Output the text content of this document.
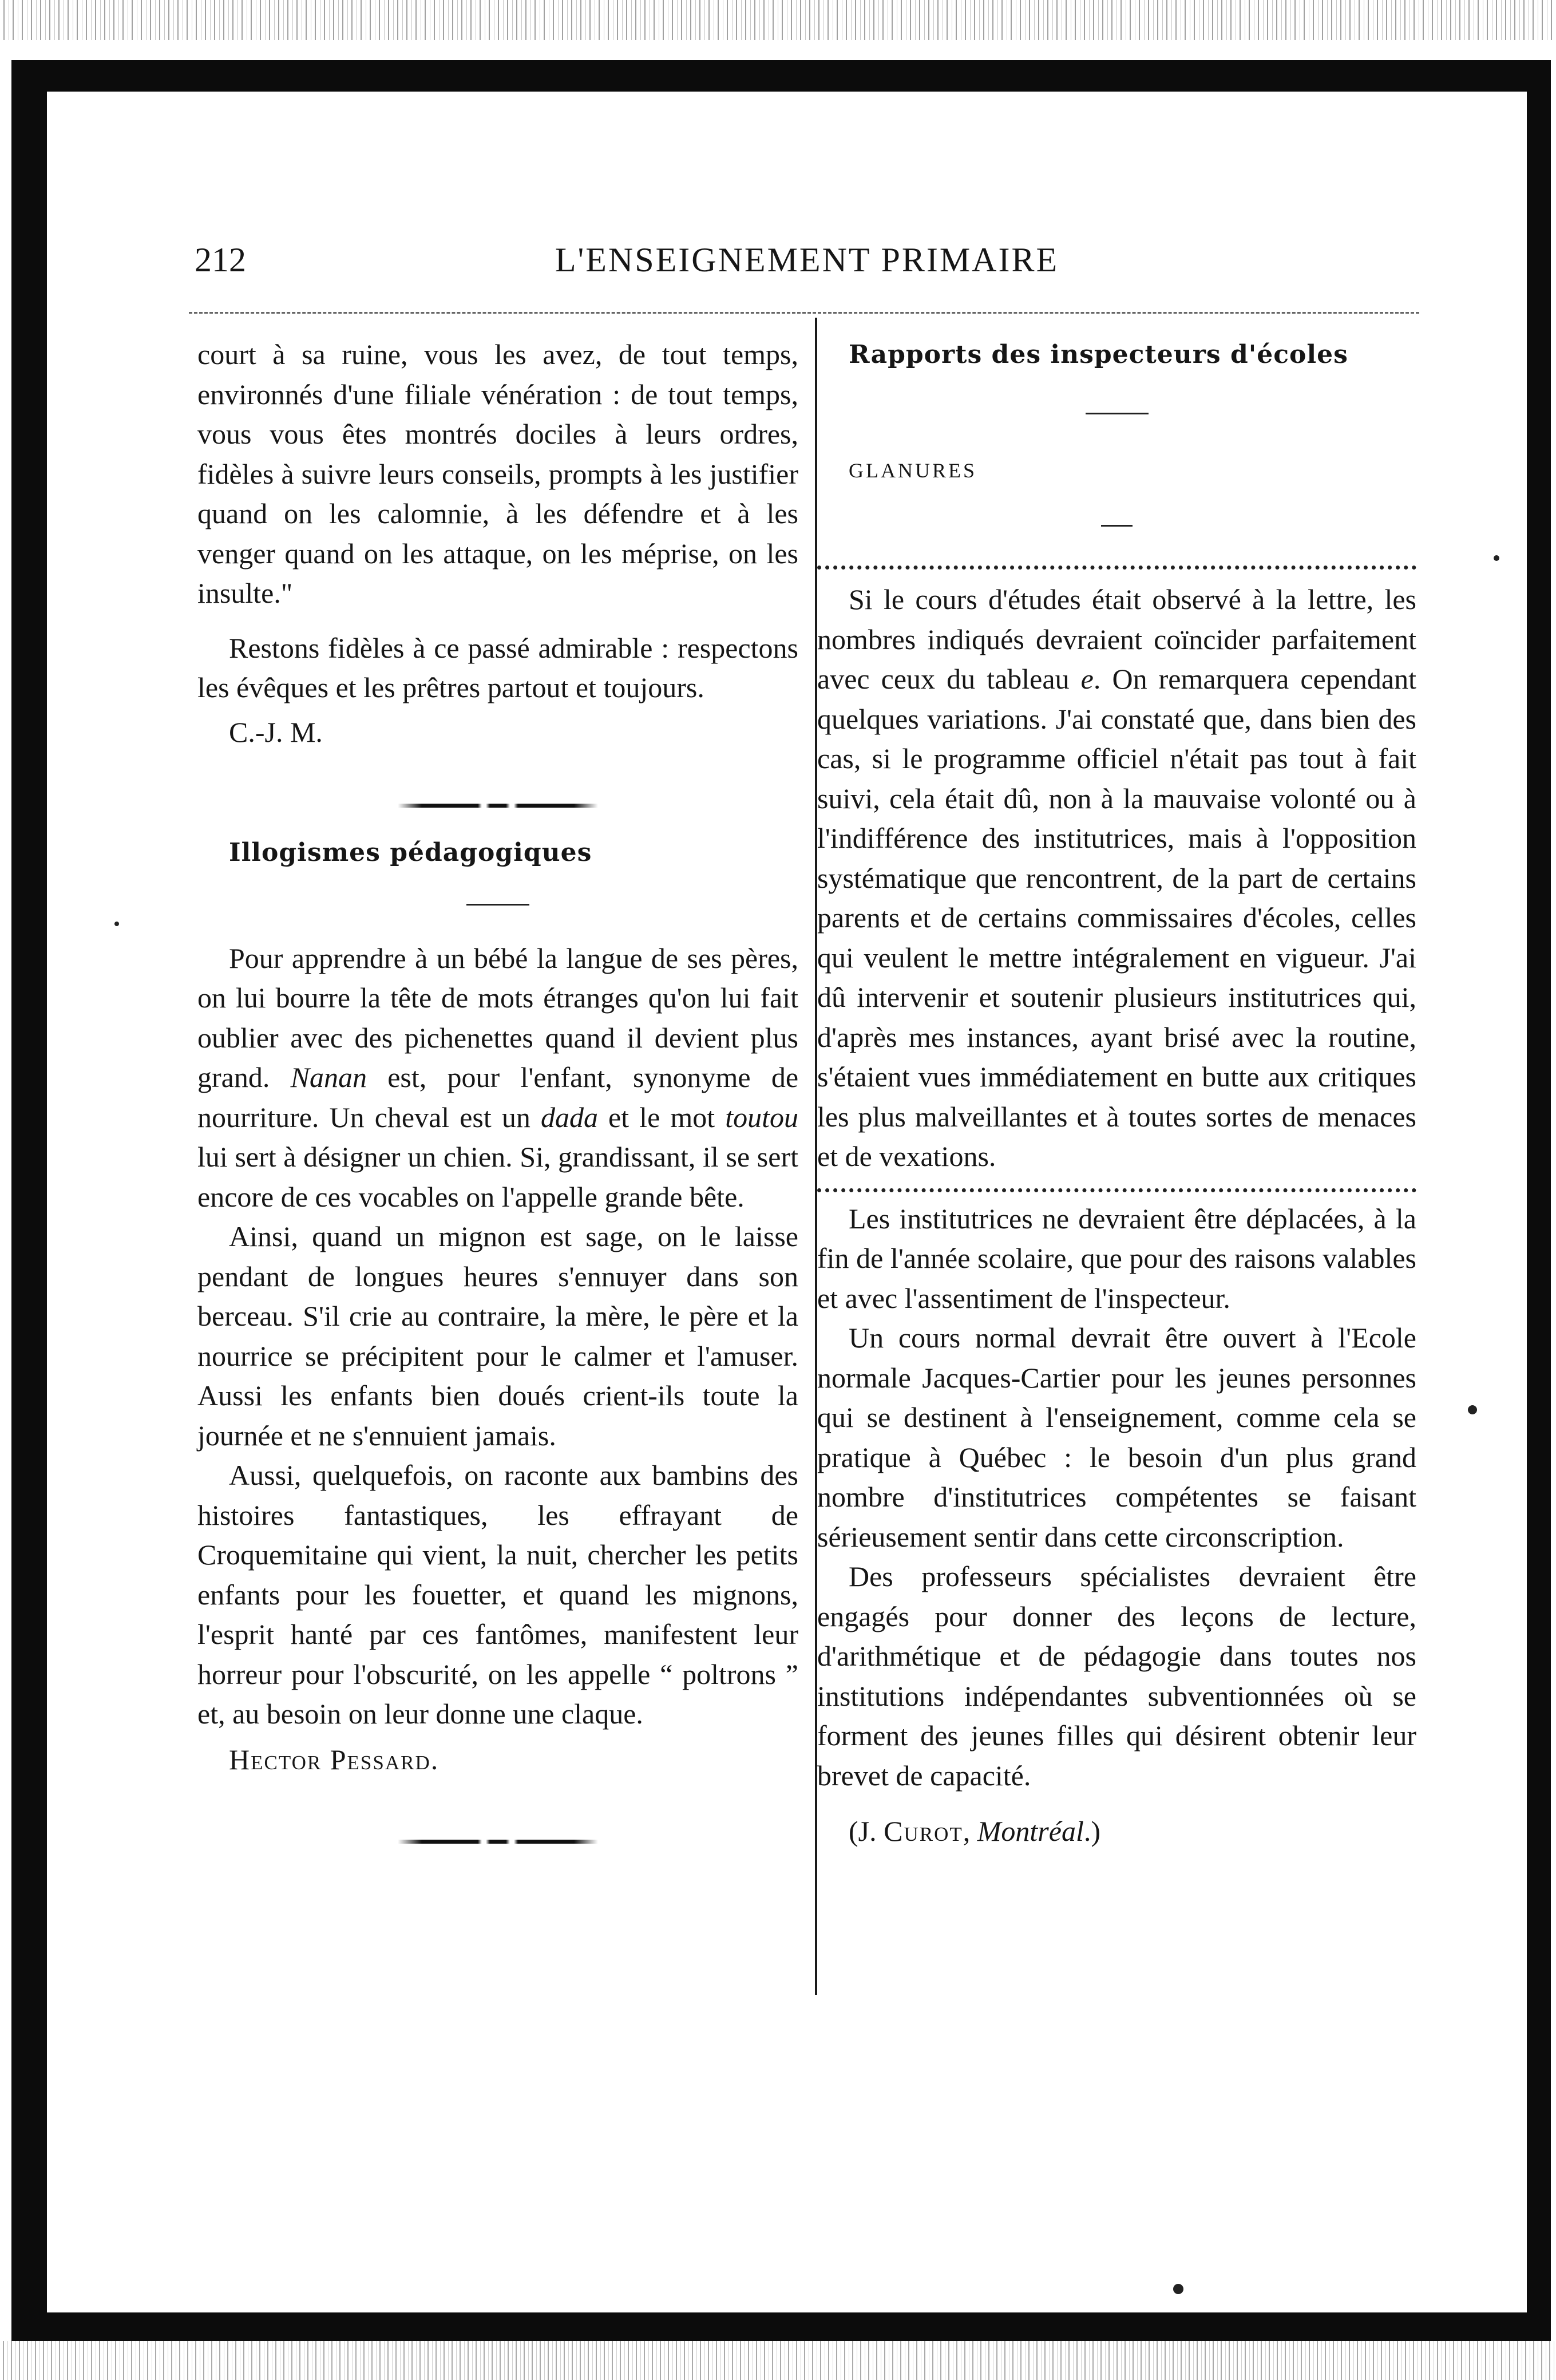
212	L'ENSEIGNEMENT PRIMAIRE

court à sa ruine, vous les avez, de tout temps, environnés d'une filiale vénération : de tout temps, vous vous êtes montrés dociles à leurs ordres, fidèles à suivre leurs conseils, prompts à les justifier quand on les calomnie, à les défendre et à les venger quand on les attaque, on les méprise, on les insulte."

Restons fidèles à ce passé admirable : respectons les évêques et les prêtres partout et toujours.

C.-J. M.

Illogismes pédagogiques

Pour apprendre à un bébé la langue de ses pères, on lui bourre la tête de mots étranges qu'on lui fait oublier avec des pichenettes quand il devient plus grand. Nanan est, pour l'enfant, synonyme de nourriture. Un cheval est un dada et le mot toutou lui sert à désigner un chien. Si, grandissant, il se sert encore de ces vocables on l'appelle grande bête.

Ainsi, quand un mignon est sage, on le laisse pendant de longues heures s'ennuyer dans son berceau. S'il crie au contraire, la mère, le père et la nourrice se précipitent pour le calmer et l'amuser. Aussi les enfants bien doués crient-ils toute la journée et ne s'ennuient jamais.

Aussi, quelquefois, on raconte aux bambins des histoires fantastiques, les effrayant de Croquemitaine qui vient, la nuit, chercher les petits enfants pour les fouetter, et quand les mignons, l'esprit hanté par ces fantômes, manifestent leur horreur pour l'obscurité, on les appelle “ poltrons ” et, au besoin on leur donne une claque.

Hector Pessard.

Rapports des inspecteurs d'écoles

GLANURES

Si le cours d'études était observé à la lettre, les nombres indiqués devraient coïncider parfaitement avec ceux du tableau e. On remarquera cependant quelques variations. J'ai constaté que, dans bien des cas, si le programme officiel n'était pas tout à fait suivi, cela était dû, non à la mauvaise volonté ou à l'indifférence des institutrices, mais à l'opposition systématique que rencontrent, de la part de certains parents et de certains commissaires d'écoles, celles qui veulent le mettre intégralement en vigueur. J'ai dû intervenir et soutenir plusieurs institutrices qui, d'après mes instances, ayant brisé avec la routine, s'étaient vues immédiatement en butte aux critiques les plus malveillantes et à toutes sortes de menaces et de vexations.

Les institutrices ne devraient être déplacées, à la fin de l'année scolaire, que pour des raisons valables et avec l'assentiment de l'inspecteur.

Un cours normal devrait être ouvert à l'Ecole normale Jacques-Cartier pour les jeunes personnes qui se destinent à l'enseignement, comme cela se pratique à Québec : le besoin d'un plus grand nombre d'institutrices compétentes se faisant sérieusement sentir dans cette circonscription.

Des professeurs spécialistes devraient être engagés pour donner des leçons de lecture, d'arithmétique et de pédagogie dans toutes nos institutions indépendantes subventionnées où se forment des jeunes filles qui désirent obtenir leur brevet de capacité.

(J. Curot, Montréal.)
